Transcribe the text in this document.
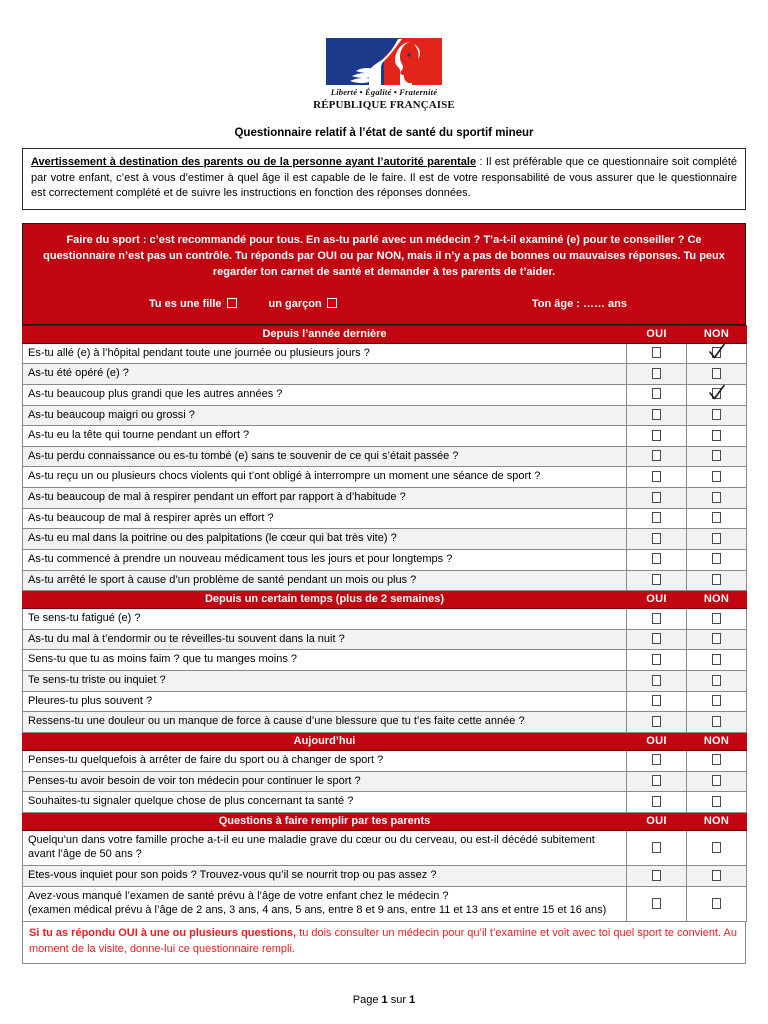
Liberté • Égalité • Fraternité
RÉPUBLIQUE FRANÇAISE
Questionnaire relatif à l’état de santé du sportif mineur
Avertissement à destination des parents ou de la personne ayant l’autorité parentale : Il est préférable que ce questionnaire soit complété par votre enfant, c’est à vous d’estimer à quel âge il est capable de le faire. Il est de votre responsabilité de vous assurer que le questionnaire est correctement complété et de suivre les instructions en fonction des réponses données.

Faire du sport : c’est recommandé pour tous. En as-tu parlé avec un médecin ? T’a-t-il examiné (e) pour te conseiller ? Ce questionnaire n’est pas un contrôle. Tu réponds par OUI ou par NON, mais il n’y a pas de bonnes ou mauvaises réponses. Tu peux regarder ton carnet de santé et demander à tes parents de t’aider.

Tu es une fille	un garçon	Ton âge : …… ans
Depuis l’année dernière	OUI	NON
Es-tu allé (e) à l’hôpital pendant toute une journée ou plusieurs jours ?		

As-tu été opéré (e) ?		
As-tu beaucoup plus grandi que les autres années ?		

As-tu beaucoup maigri ou grossi ?		
As-tu eu la tête qui tourne pendant un effort ?		
As-tu perdu connaissance ou es-tu tombé (e) sans te souvenir de ce qui s’était passée ?		
As-tu reçu un ou plusieurs chocs violents qui t’ont obligé à interrompre un moment une séance de sport ?		
As-tu beaucoup de mal à respirer pendant un effort par rapport à d’habitude ?		
As-tu beaucoup de mal à respirer après un effort ?		
As-tu eu mal dans la poitrine ou des palpitations (le cœur qui bat très vite) ?		
As-tu commencé à prendre un nouveau médicament tous les jours et pour longtemps ?		
As-tu arrêté le sport à cause d’un problème de santé pendant un mois ou plus ?		
Depuis un certain temps (plus de 2 semaines)	OUI	NON
Te sens-tu fatigué (e) ?		
As-tu du mal à t’endormir ou te réveilles-tu souvent dans la nuit ?		
Sens-tu que tu as moins faim ? que tu manges moins ?		
Te sens-tu triste ou inquiet ?		
Pleures-tu plus souvent ?		
Ressens-tu une douleur ou un manque de force à cause d’une blessure que tu t’es faite cette année ?		
Aujourd’hui	OUI	NON
Penses-tu quelquefois à arrêter de faire du sport ou à changer de sport ?		
Penses-tu avoir besoin de voir ton médecin pour continuer le sport ?		
Souhaites-tu signaler quelque chose de plus concernant ta santé ?		
Questions à faire remplir par tes parents	OUI	NON
Quelqu’un dans votre famille proche a-t-il eu une maladie grave du cœur ou du cerveau, ou est-il décédé subitement avant l’âge de 50 ans ?		
Etes-vous inquiet pour son poids ? Trouvez-vous qu’il se nourrit trop ou pas assez ?		
Avez-vous manqué l’examen de santé prévu à l’âge de votre enfant chez le médecin ?
(examen médical prévu à l’âge de 2 ans, 3 ans, 4 ans, 5 ans, entre 8 et 9 ans, entre 11 et 13 ans et entre 15 et 16 ans)		
Si tu as répondu OUI à une ou plusieurs questions, tu dois consulter un médecin pour qu’il t’examine et voit avec toi quel sport te convient. Au moment de la visite, donne-lui ce questionnaire rempli.
Page 1 sur 1
